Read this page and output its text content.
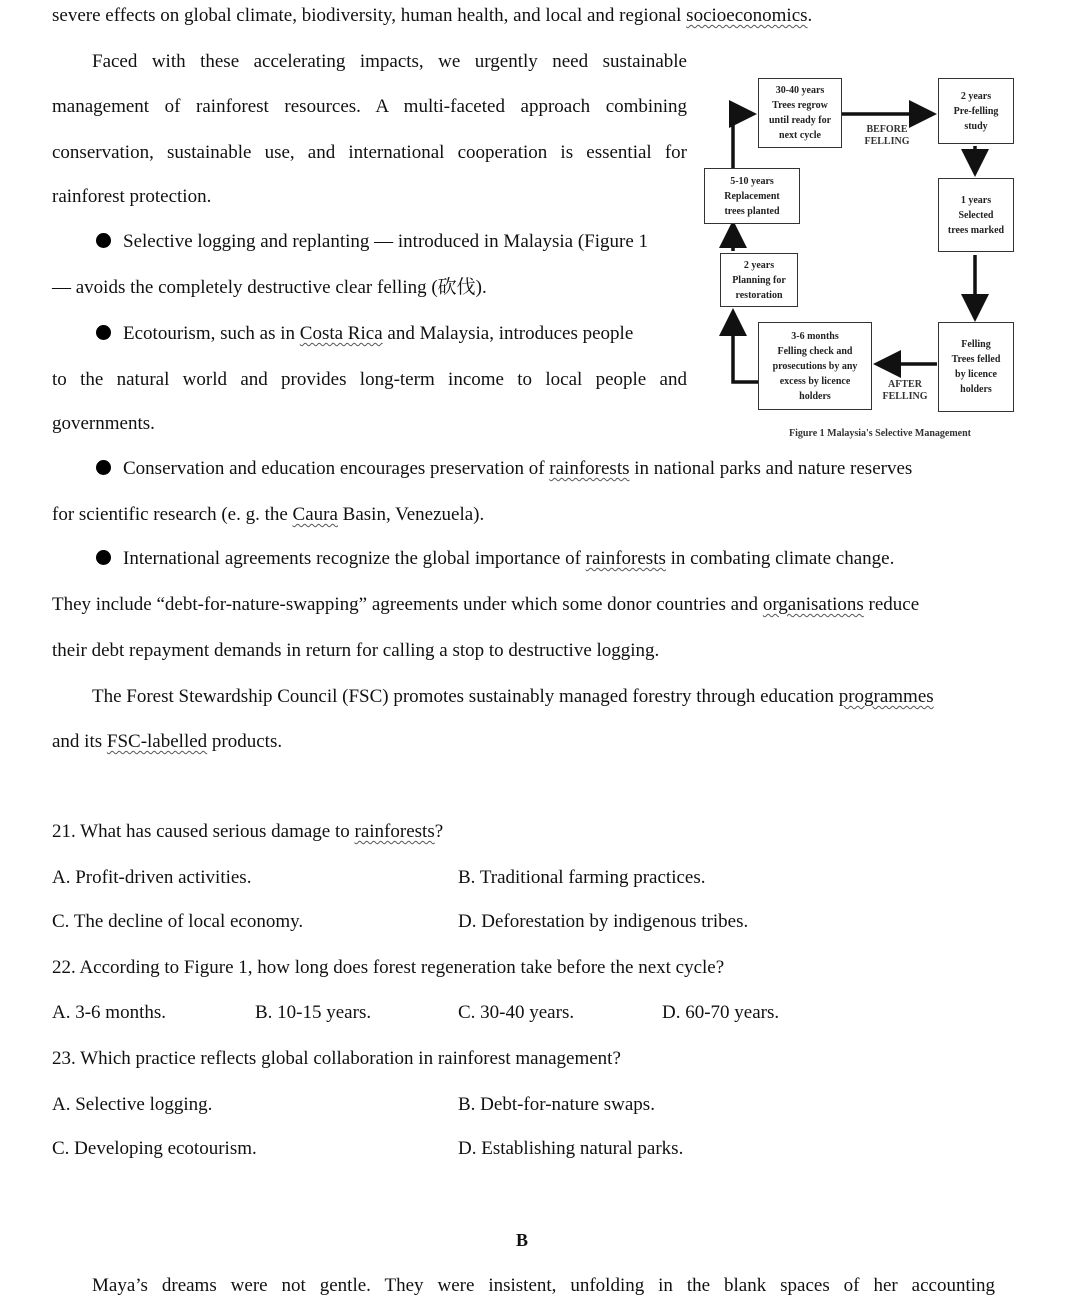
severe effects on global climate, biodiversity, human health, and local and regional socioeconomics.
Faced with these accelerating impacts, we urgently need sustainable
management of rainforest resources. A multi-faceted approach combining
conservation, sustainable use, and international cooperation is essential for
rainforest protection.
Selective logging and replanting — introduced in Malaysia (Figure 1
— avoids the completely destructive clear felling (砍伐).
Ecotourism, such as in Costa Rica and Malaysia, introduces people
to the natural world and provides long-term income to local people and
governments.
Conservation and education encourages preservation of rainforests in national parks and nature reserves
for scientific research (e. g. the Caura Basin, Venezuela).
International agreements recognize the global importance of rainforests in combating climate change.
They include “debt-for-nature-swapping” agreements under which some donor countries and organisations reduce
their debt repayment demands in return for calling a stop to destructive logging.
The Forest Stewardship Council (FSC) promotes sustainably managed forestry through education programmes
and its FSC-labelled products.
30-40 years
Trees regrow
until ready for
next cycle
2 years
Pre-felling
study
5-10 years
Replacement
trees planted
1 years
Selected
trees marked
2 years
Planning for
restoration
3-6 months
Felling check and
prosecutions by any
excess by licence
holders
Felling
Trees felled
by licence
holders
BEFORE
FELLING
AFTER
FELLING
Figure 1 Malaysia's Selective Management
21. What has caused serious damage to rainforests?
A. Profit-driven activities.	B. Traditional farming practices.
C. The decline of local economy.	D. Deforestation by indigenous tribes.
22. According to Figure 1, how long does forest regeneration take before the next cycle?
A. 3-6 months.	B. 10-15 years.	C. 30-40 years.	D. 60-70 years.
23. Which practice reflects global collaboration in rainforest management?
A. Selective logging.	B. Debt-for-nature swaps.
C. Developing ecotourism.	D. Establishing natural parks.
B
Maya’s dreams were not gentle. They were insistent, unfolding in the blank spaces of her accounting
